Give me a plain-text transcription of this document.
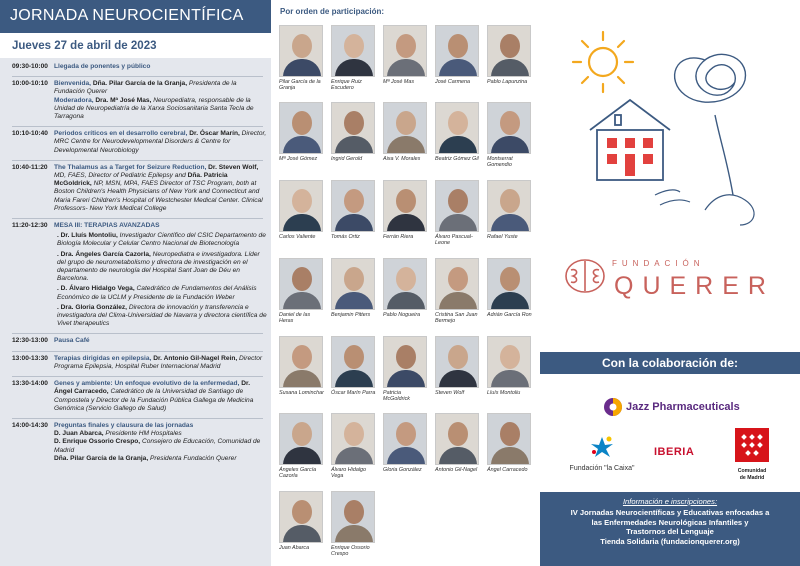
JORNADA NEUROCIENTÍFICA
Jueves 27 de abril de 2023
09:30-10:00 Llegada de ponentes y público
10:00-10:10 Bienvenida, Dña. Pilar García de la Granja, Presidenta de la Fundación Querer
Moderadora, Dra. Mª José Mas, Neuropediatra, responsable de la Unidad de Neuropediatría de la Xarxa Sociosanitaria Santa Tecla de Tarragona
10:10-10:40 Periodos críticos en el desarrollo cerebral, Dr. Óscar Marín, Director, MRC Centre for Neurodevelopmental Disorders & Centre for Developmental Neurobiology
10:40-11:20 The Thalamus as a Target for Seizure Reduction, Dr. Steven Wolf, MD, FAES, Director of Pediatric Epilepsy and Dña. Patricia McGoldrick, NP, MSN, MPA, FAES Director of TSC Program, both at Boston Children's Health Physicians of New York and Connecticut and Maria Fareri Children's Hospital of Westchester Medical Center. Clinical Professors- New York Medical College
11:20-12:30 MESA III: TERAPIAS AVANZADAS
. Dr. Lluís Montoliu, Investigador Científico del CSIC Departamento de Biología Molecular y Celular Centro Nacional de Biotecnología
. Dra. Ángeles García Cazorla, Neuropediatra e investigadora. Líder del grupo de neurometabolismo y directora de investigación en el departamento de neurología del Hospital Sant Joan de Déu en Barcelona.
. D. Álvaro Hidalgo Vega, Catedrático de Fundamentos del Análisis Económico de la UCLM y Presidente de la Fundación Weber
. Dra. Gloria González, Directora de innovación y transferencia e investigadora del Clima-Universidad de Navarra y directora científica de Vivet therapeutics
12:30-13:00 Pausa Café
13:00-13:30 Terapias dirigidas en epilepsia, Dr. Antonio Gil-Nagel Rein, Director Programa Epilepsia, Hospital Ruber Internacional Madrid
13:30-14:00 Genes y ambiente: Un enfoque evolutivo de la enfermedad, Dr. Ángel Carracedo, Catedrático de la Universidad de Santiago de Compostela y Director de la Fundación Pública Gallega de Medicina Genómica (Servicio Gallego de Salud)
14:00-14:30 Preguntas finales y clausura de las jornadas
D. Juan Abarca, Presidente HM Hospitales
D. Enrique Ossorio Crespo, Consejero de Educación, Comunidad de Madrid
Dña. Pilar García de la Granja, Presidenta Fundación Querer
Por orden de participación:
Pilar García de la Granja
Enrique Ruiz Escudero
Mª José Mas	José Carmena	Pablo Lapunzina
Mª José Gómez	Ingrid Gerold	Aixa V. Morales	Beatriz Gómez Gil	Montserrat Gomendio
Carlos Valiente	Tomás Ortiz	Ferrán Riera	Álvaro Pascual-Leone
Rafael Yuste
Daniel de las Heras
Benjamin Pitters	Pablo Nogueira	Cristina San Juan Bermejo
Adrián García Ron
Susana Lominchar Óscar Marín Parra	Patricia McGoldrick
Steven Wolf	Lluís Montoliu
Ángeles García Cazorla
Álvaro Hidalgo Vega
Gloria González	Antonio Gil-Nagel	Ángel Carracedo
Juan Abarca	Enrique Ossorio Crespo
FUNDACIÓN
QUERER
Con la colaboración de:
Jazz Pharmaceuticals
Fundación "la Caixa"
IBERIA
Comunidad
de Madrid
Información e inscripciones:
IV Jornadas Neurocientíficas y Educativas enfocadas a
las Enfermedades Neurológicas Infantiles y
Trastornos del Lenguaje
Tienda Solidaria (fundacionquerer.org)
